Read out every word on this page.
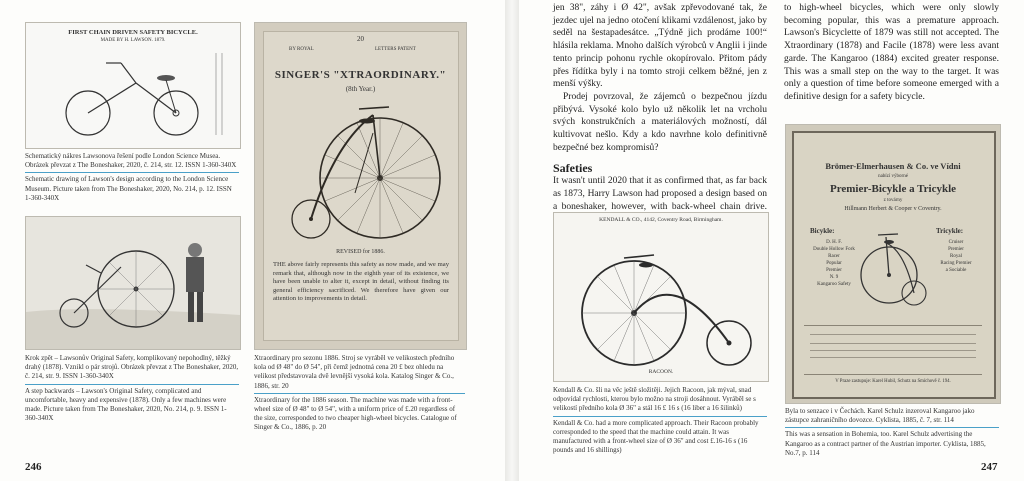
FIRST CHAIN DRIVEN SAFETY BICYCLE.
MADE BY H. LAWSON. 1879.

Schematický nákres Lawsonova řešení podle London Science Musea. Obrázek převzat z The Boneshaker, 2020, č. 214, str. 12. ISSN 1-360-340X

Schematic drawing of Lawson's design according to the London Science Museum. Picture taken from The Boneshaker, 2020, No. 214, p. 12. ISSN 1-360-340X

Krok zpět – Lawsonův Original Safety, komplikovaný nepohodlný, těžký drahý (1878). Vznikl o pár strojů. Obrázek převzat z The Boneshaker, 2020, č. 214, str. 9. ISSN 1-360-340X

A step backwards – Lawson's Original Safety, complicated and uncomfortable, heavy and expensive (1878). Only a few machines were made. Picture taken from The Boneshaker, 2020, No. 214, p. 9. ISSN 1-360-340X

20
BY ROYAL	LETTERS PATENT
SINGER'S "XTRAORDINARY."
(8th Year.)
REVISED for 1886.
THE above fairly represents this safety as now made, and we may remark that, although now in the eighth year of its existence, we have been unable to alter it, except in detail, without finding its general efficiency sacrificed. We therefore have given our attention to improvements in detail.

Xtraordinary pro sezonu 1886. Stroj se vyráběl ve velikostech předního kola od Ø 48" do Ø 54", při čemž jednotná cena 20 £ bez ohledu na velikost představovala dvě levnější vysoká kola. Katalog Singer & Co., 1886, str. 20

Xtraordinary for the 1886 season. The machine was made with a front-wheel size of Ø 48" to Ø 54", with a uniform price of £.20 regardless of the size, corresponded to two cheaper high-wheel bicycles. Catalogue of Singer & Co., 1886, p. 20

246

jen 38", záhy i Ø 42", avšak zpřevodované tak, že jezdec ujel na jedno otočení klikami vzdálenost, jako by seděl na šestapadesátce. „Týdně jich prodáme 100!“ hlásila reklama. Mnoho dalších výrobců v Anglii i jinde tento princip pohonu rychle okopírovalo. Přitom pády přes řídítka byly i na tomto stroji celkem běžné, jen z menší výšky.

Prodej povrzoval, že zájemců o bezpečnou jízdu přibývá. Vysoké kolo bylo už několik let na vrcholu svých konstrukčních a materiálových možností, dál kultivovat nešlo. Kdy a kdo navrhne kolo definitivně bezpečné bez kompromisů?

Safeties

It wasn't until 2020 that it as confirmed that, as far back as 1873, Harry Lawson had proposed a design based on a boneshaker, however, with back-wheel chain drive.

to high-wheel bicycles, which were only slowly becoming popular, this was a premature approach. Lawson's Bicyclette of 1879 was still not accepted. The Xtraordinary (1878) and Facile (1878) were less avant garde. The Kangaroo (1884) excited greater response. This was a small step on the way to the target. It was only a question of time before someone emerged with a definitive design for a safety bicycle.

KENDALL & CO., 4142, Coventry Road, Birmingham.
RACOON.

Kendall & Co. šli na věc ještě složitěji. Jejich Racoon, jak mýval, snad odpovídal rychlosti, kterou bylo možno na stroji dosáhnout. Vyráběl se s velikostí předního kola Ø 36" a stál 16 £ 16 s (16 liber a 16 šilinků)

Kendall & Co. had a more complicated approach. Their Racoon probably corresponded to the speed that the machine could attain. It was manufactured with a front-wheel size of Ø 36" and cost £.16-16 s (16 pounds and 16 shillings)

Brömer-Elmerhausen & Co. ve Vídni
nabízí výborné
Premier-Bicykle a Tricykle
z továrny
Hillmann Herbert & Cooper v Coventry.
Bicykle:
D. H. F.
Double Hollow Fork
Racer
Popular
Premier
N. 9
Kangaroo Safety
Tricykle:
Cruiser
Premier
Royal
Racing Premier
a Sociable
V Praze zastupuje: Karel Hubil, Schutz na Smíchově č. 194.

Byla to senzace i v Čechách. Karel Schulz inzeroval Kangaroo jako zástupce zahraničního dovozce. Cyklista, 1885, č. 7, str. 114

This was a sensation in Bohemia, too. Karel Schulz advertising the Kangaroo as a contract partner of the Austrian importer. Cyklista, 1885, No.7, p. 114

247
